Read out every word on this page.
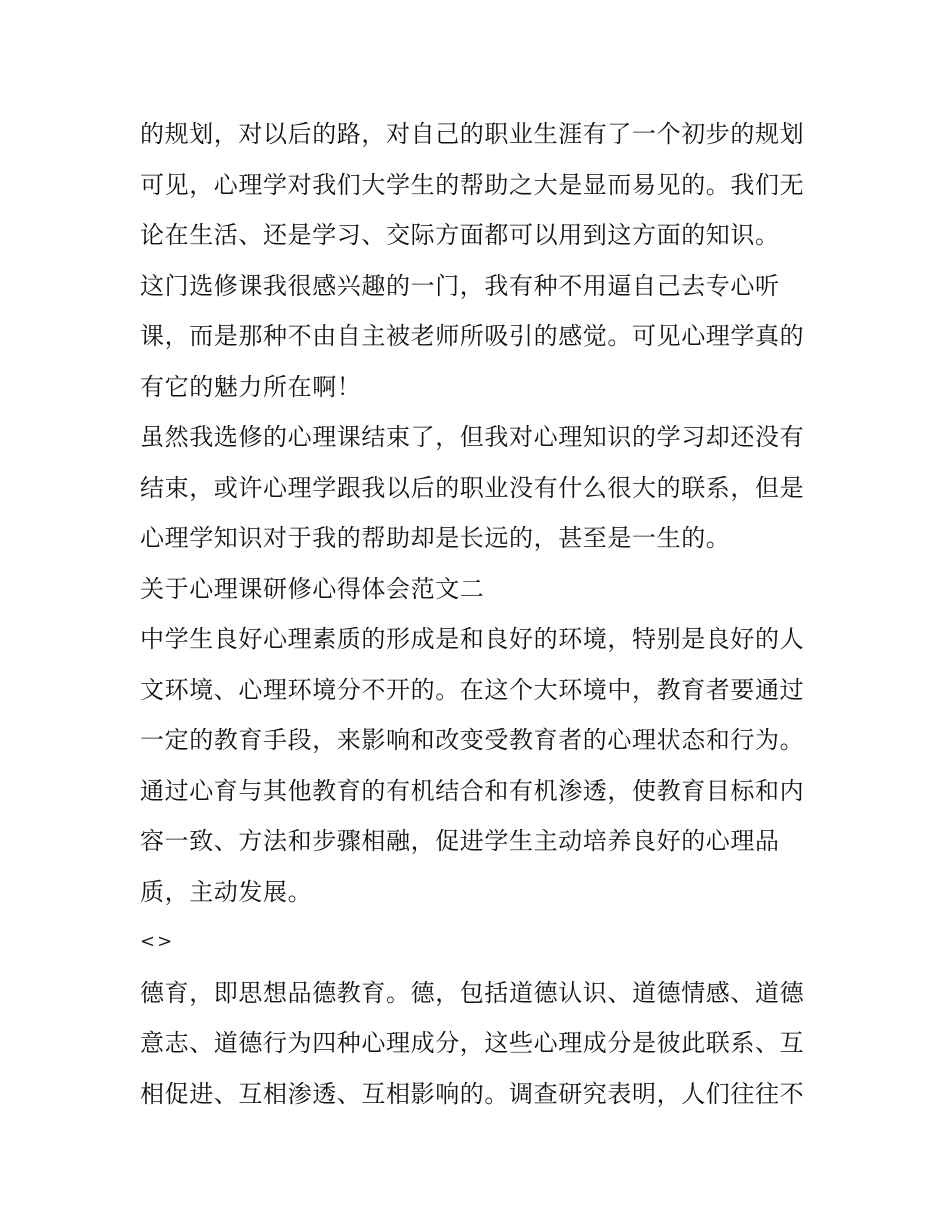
的规划，对以后的路，对自己的职业生涯有了一个初步的规划
可见，心理学对我们大学生的帮助之大是显而易见的。我们无
论在生活、还是学习、交际方面都可以用到这方面的知识。
这门选修课我很感兴趣的一门，我有种不用逼自己去专心听
课，而是那种不由自主被老师所吸引的感觉。可见心理学真的
有它的魅力所在啊！
虽然我选修的心理课结束了，但我对心理知识的学习却还没有
结束，或许心理学跟我以后的职业没有什么很大的联系，但是
心理学知识对于我的帮助却是长远的，甚至是一生的。
关于心理课研修心得体会范文二
中学生良好心理素质的形成是和良好的环境，特别是良好的人
文环境、心理环境分不开的。在这个大环境中，教育者要通过
一定的教育手段，来影响和改变受教育者的心理状态和行为。
通过心育与其他教育的有机结合和有机渗透，使教育目标和内
容一致、方法和步骤相融，促进学生主动培养良好的心理品
质，主动发展。
<>
德育，即思想品德教育。德，包括道德认识、道德情感、道德
意志、道德行为四种心理成分，这些心理成分是彼此联系、互
相促进、互相渗透、互相影响的。调查研究表明，人们往往不
